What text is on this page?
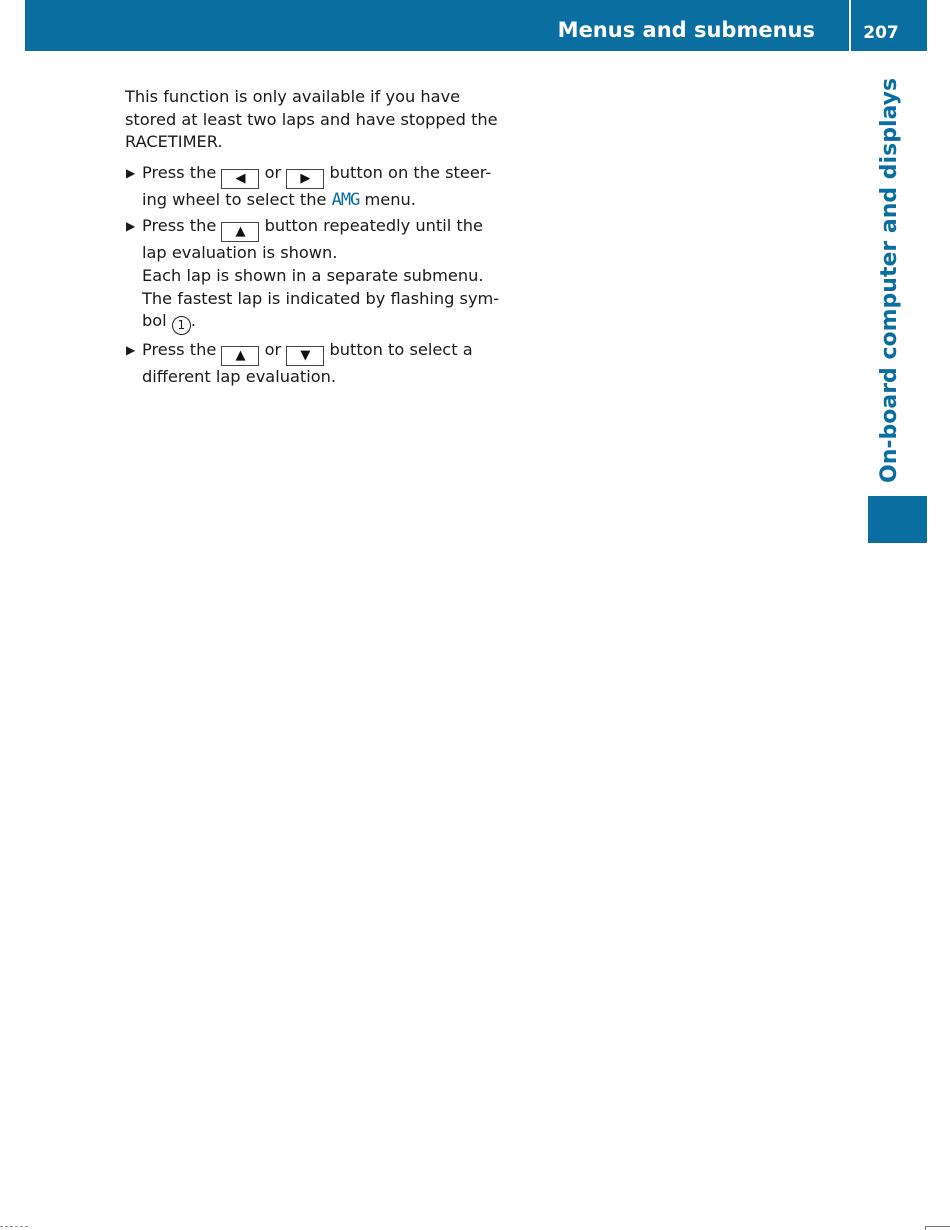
Menus and submenus	207
On-board computer and displays

This function is only available if you have
stored at least two laps and have stopped the
RACETIMER.

▶ Press the ◀ or ▶ button on the steer-
ing wheel to select the AMG menu.
▶ Press the ▲ button repeatedly until the
lap evaluation is shown.
Each lap is shown in a separate submenu.
The fastest lap is indicated by flashing sym-
bol 1 .
▶ Press the ▲ or ▼ button to select a
different lap evaluation.
